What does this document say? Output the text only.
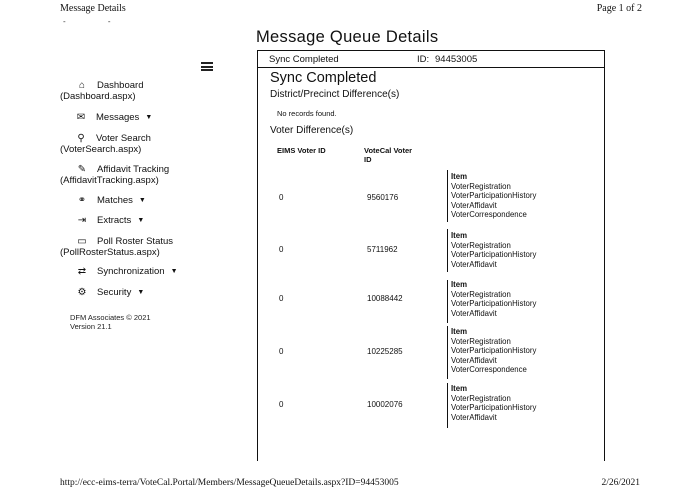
Message Details	Page 1 of 2
- -
Message Queue Details
⌂	Dashboard
(Dashboard.aspx)
✉ Messages ▼
⚲	Voter Search
(VoterSearch.aspx)
✎ Affidavit Tracking
(AffidavitTracking.aspx)
⚭ Matches ▼
⇥ Extracts ▼
▭ Poll Roster Status
(PollRosterStatus.aspx)
⇄ Synchronization ▼
⚙ Security ▼
DFM Associates © 2021
Version 21.1
Sync Completed	ID: 94453005
Sync Completed
District/Precinct Difference(s)
No records found.
Voter Difference(s)
EIMS Voter ID	VoteCal Voter ID
0	9560176
Item
VoterRegistration
VoterParticipationHistory
VoterAffidavit
VoterCorrespondence
0	5711962
Item
VoterRegistration
VoterParticipationHistory
VoterAffidavit
0	10088442
Item
VoterRegistration
VoterParticipationHistory
VoterAffidavit
0	10225285
Item
VoterRegistration
VoterParticipationHistory
VoterAffidavit
VoterCorrespondence
0	10002076
Item
VoterRegistration
VoterParticipationHistory
VoterAffidavit
http://ecc-eims-terra/VoteCal.Portal/Members/MessageQueueDetails.aspx?ID=94453005	2/26/2021
